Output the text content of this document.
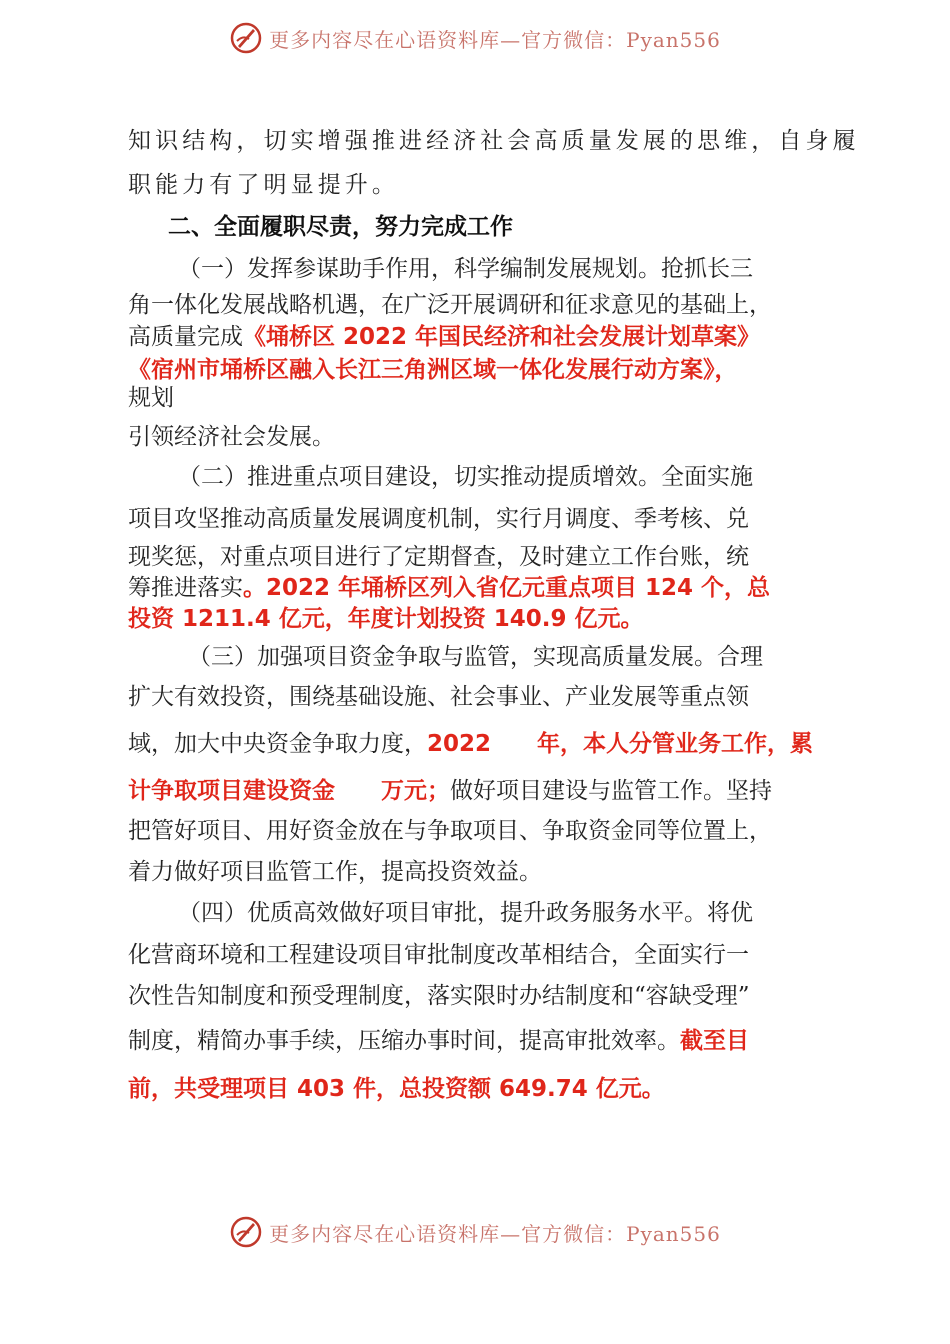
更多内容尽在心语资料库—官方微信：Pyan556
知识结构，切实增强推进经济社会高质量发展的思维，自身履
职能力有了明显提升。
二、全面履职尽责，努力完成工作
（一）发挥参谋助手作用，科学编制发展规划。抢抓长三
角一体化发展战略机遇，在广泛开展调研和征求意见的基础上，
高质量完成《埇桥区 2022 年国民经济和社会发展计划草案》
《宿州市埇桥区融入长江三角洲区域一体化发展行动方案》，
规划
引领经济社会发展。
（二）推进重点项目建设，切实推动提质增效。全面实施
项目攻坚推动高质量发展调度机制，实行月调度、季考核、兑
现奖惩，对重点项目进行了定期督查，及时建立工作台账，统
筹推进落实。2022 年埇桥区列入省亿元重点项目 124 个，总
投资 1211.4 亿元，年度计划投资 140.9 亿元。
（三）加强项目资金争取与监管，实现高质量发展。合理
扩大有效投资，围绕基础设施、社会事业、产业发展等重点领
域，加大中央资金争取力度，2022　　年，本人分管业务工作，累
计争取项目建设资金　　万元；做好项目建设与监管工作。坚持
把管好项目、用好资金放在与争取项目、争取资金同等位置上，
着力做好项目监管工作，提高投资效益。
（四）优质高效做好项目审批，提升政务服务水平。将优
化营商环境和工程建设项目审批制度改革相结合，全面实行一
次性告知制度和预受理制度，落实限时办结制度和“容缺受理”
制度，精简办事手续，压缩办事时间，提高审批效率。截至目
前，共受理项目 403 件，总投资额 649.74 亿元。
更多内容尽在心语资料库—官方微信：Pyan556
